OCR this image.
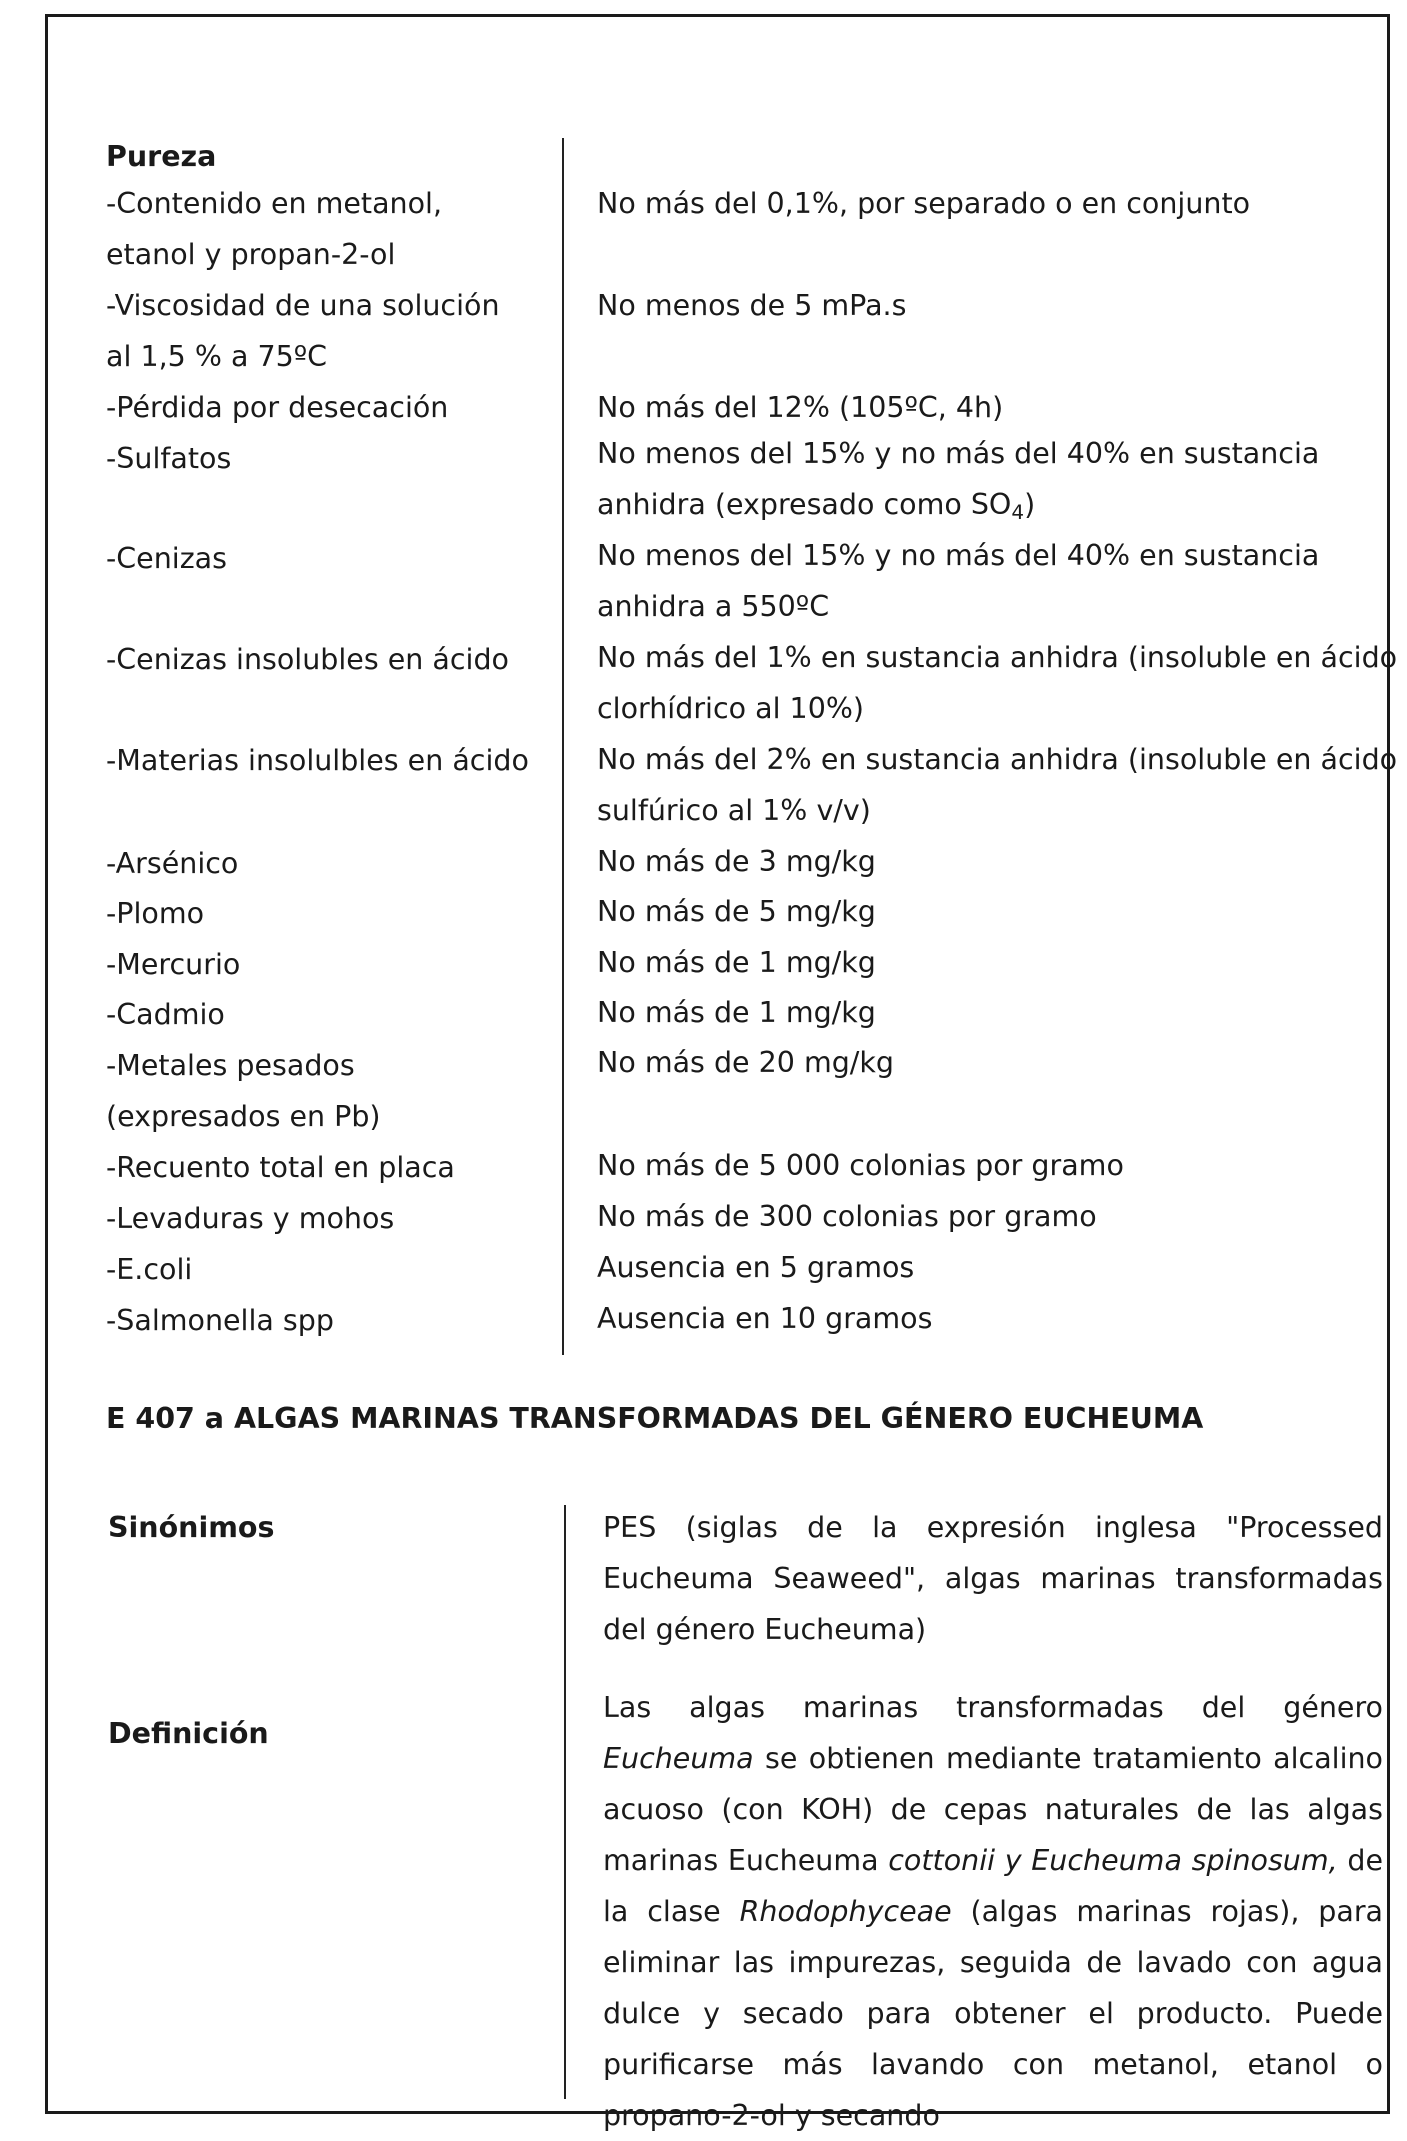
Pureza
-Contenido en metanol,
etanol y propan-2-ol
-Viscosidad de una solución
al 1,5 % a 75ºC
-Pérdida por desecación
-Sulfatos
-Cenizas
-Cenizas insolubles en ácido
-Materias insolulbles en ácido
-Arsénico
-Plomo
-Mercurio
-Cadmio
-Metales pesados
(expresados en Pb)
-Recuento total en placa
-Levaduras y mohos
-E.coli
-Salmonella spp
No más del 0,1%, por separado o en conjunto
No menos de 5 mPa.s
No más del 12% (105ºC, 4h)
No menos del 15% y no más del 40% en sustancia
anhidra (expresado como $SO_4$)
No menos del 15% y no más del 40% en sustancia
anhidra a 550ºC
No más del 1% en sustancia anhidra (insoluble en ácido
clorhídrico al 10%)
No más del 2% en sustancia anhidra (insoluble en ácido
sulfúrico al 1% v/v)
No más de 3 mg/kg
No más de 5 mg/kg
No más de 1 mg/kg
No más de 1 mg/kg
No más de 20 mg/kg
No más de 5 000 colonias por gramo
No más de 300 colonias por gramo
Ausencia en 5 gramos
Ausencia en 10 gramos
E 407 a ALGAS MARINAS TRANSFORMADAS DEL GÉNERO EUCHEUMA
Sinónimos	PES (siglas de la expresión inglesa "Processed Eucheuma Seaweed", algas marinas transformadas del género Eucheuma)
Definición
Las algas marinas transformadas del género Eucheuma se obtienen mediante tratamiento alcalino acuoso (con KOH) de cepas naturales de las algas marinas Eucheuma cottonii y Eucheuma spinosum, de la clase Rhodophyceae (algas marinas rojas), para eliminar las impurezas, seguida de lavado con agua dulce y secado para obtener el producto. Puede purificarse más lavando con metanol, etanol o propano-2-ol y secando
